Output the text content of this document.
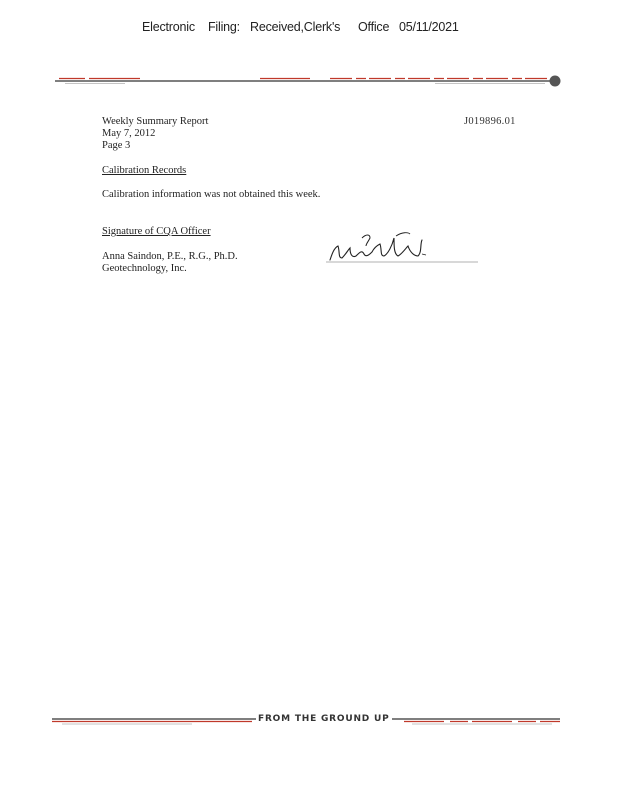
Electronic Filing: Received,Clerk's Office 05/11/2021
Weekly Summary Report
May 7, 2012
Page 3
J019896.01
Calibration Records
Calibration information was not obtained this week.
Signature of CQA Officer
Anna Saindon, P.E., R.G., Ph.D.
Geotechnology, Inc.
FROM THE GROUND UP
